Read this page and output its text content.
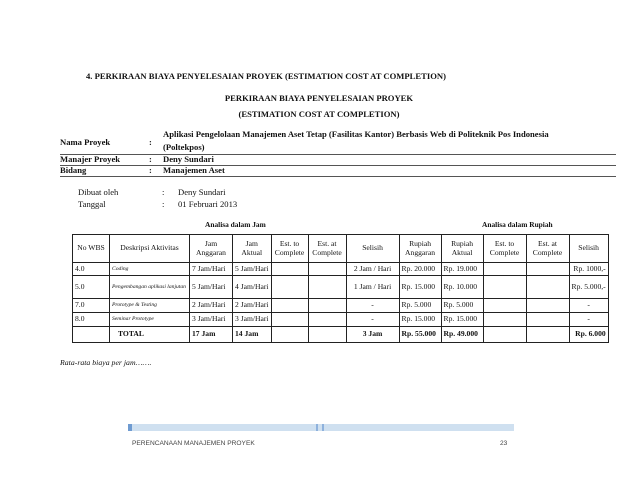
4. PERKIRAAN BIAYA PENYELESAIAN PROYEK (ESTIMATION COST AT COMPLETION)
PERKIRAAN BIAYA PENYELESAIAN PROYEK
(ESTIMATION COST AT COMPLETION)
Nama Proyek	:
Aplikasi Pengelolaan Manajemen Aset Tetap (Fasilitas Kantor) Berbasis Web di Politeknik Pos Indonesia
(Poltekpos)
Manajer Proyek	: Deny Sundari
Bidang	: Manajemen Aset
Dibuat oleh	: Deny Sundari
Tanggal	: 01 Februari 2013
Analisa dalam Jam	Analisa dalam Rupiah
No WBS	Deskripsi Aktivitas	Jam Anggaran	Jam Aktual	Est. to Complete	Est. at Complete	Selisih	Rupiah Anggaran	Rupiah Aktual	Est. to Complete	Est. at Complete	Selisih
4.0	Coding	7 Jam/Hari	5 Jam/Hari			2 Jam / Hari	Rp. 20.000	Rp. 19.000			Rp. 1000,-
5.0	Pengembangan aplikasi lanjutan	5 Jam/Hari	4 Jam/Hari			1 Jam / Hari	Rp. 15.000	Rp. 10.000			Rp. 5.000,-
7.0	Prototype & Testing	2 Jam/Hari	2 Jam/Hari			-	Rp. 5.000	Rp. 5.000			-
8.0	Seminar Prototype	3 Jam/Hari	3 Jam/Hari			-	Rp. 15.000	Rp. 15.000			-
	TOTAL	17 Jam	14 Jam			3 Jam	Rp. 55.000	Rp. 49.000			Rp. 6.000
Rata-rata biaya per jam…….
PERENCANAAN MANAJEMEN PROYEK	23
